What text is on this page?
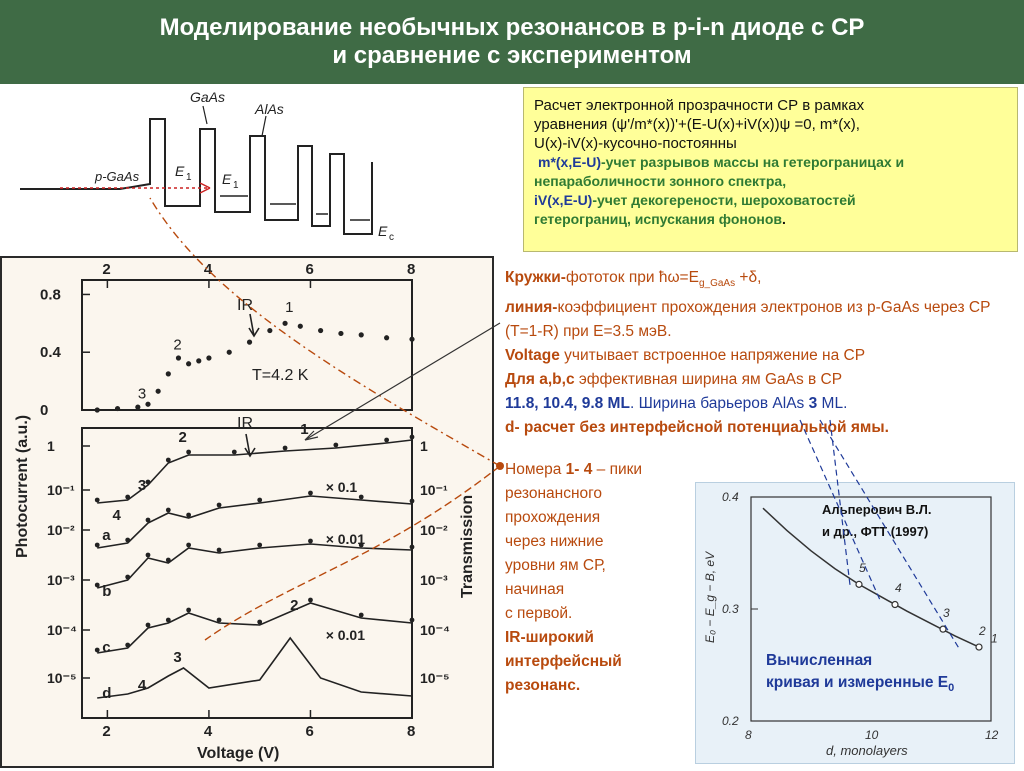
Моделирование необычных резонансов в p-i-n диоде с СР
и сравнение с экспериментом
GaAs
AlAs
p-GaAs	E 1 E 1
E c
Расчет электронной прозрачности СР в рамках
уравнения (ψ'/m*(x))'+(E-U(x)+iV(x))ψ =0, m*(x),
U(x)-iV(x)-кусочно-постоянны
m*(x,E-U)-учет разрывов массы на гетерограницах и
непараболичности зонного спектра,
iV(x,E-U)-учет декогерености, шероховатостей
гетерограниц, испускания фононов.
Кружки-фототок при $ħ\omega=E_{g\_GaAs} +\delta$,
линия-коэффициент прохождения электронов из p-GaAs через СР (T=1-R) при E=3.5 мэВ.
Voltage учитывает встроенное напряжение на СР
Для a,b,c эффективная ширина ям GaAs в СР
11.8, 10.4, 9.8 ML. Ширина барьеров AlAs 3 ML.
d- расчет без интерфейсной потенциальной ямы.
Номера 1- 4 – пики
резонансного
прохождения
через нижние
уровни ям СР,
начиная
с первой.
IR-широкий
интерфейсный
резонанс.
E₀ − E_g − B, eV
d, monolayers
8	10	12
0.2
0.3
0.4
5
4
3
2
1
Альперович В.Л.
и др., ФТТ (1997)
Вычисленная
кривая и измеренные $E_0$
2	4	6	8
0
0.4
0.8
1
2
3
IR
T=4.2 K
2	4	6	8
1
10⁻¹
10⁻²
10⁻³
10⁻⁴
10⁻⁵
1
10⁻¹
10⁻²
10⁻³
10⁻⁴
10⁻⁵
a
b
c
d
× 0.1
× 0.01
× 0.01
1
2
3
4
2
3
4
IR
Photocurrent (a.u.)	Transmission
Voltage (V)
